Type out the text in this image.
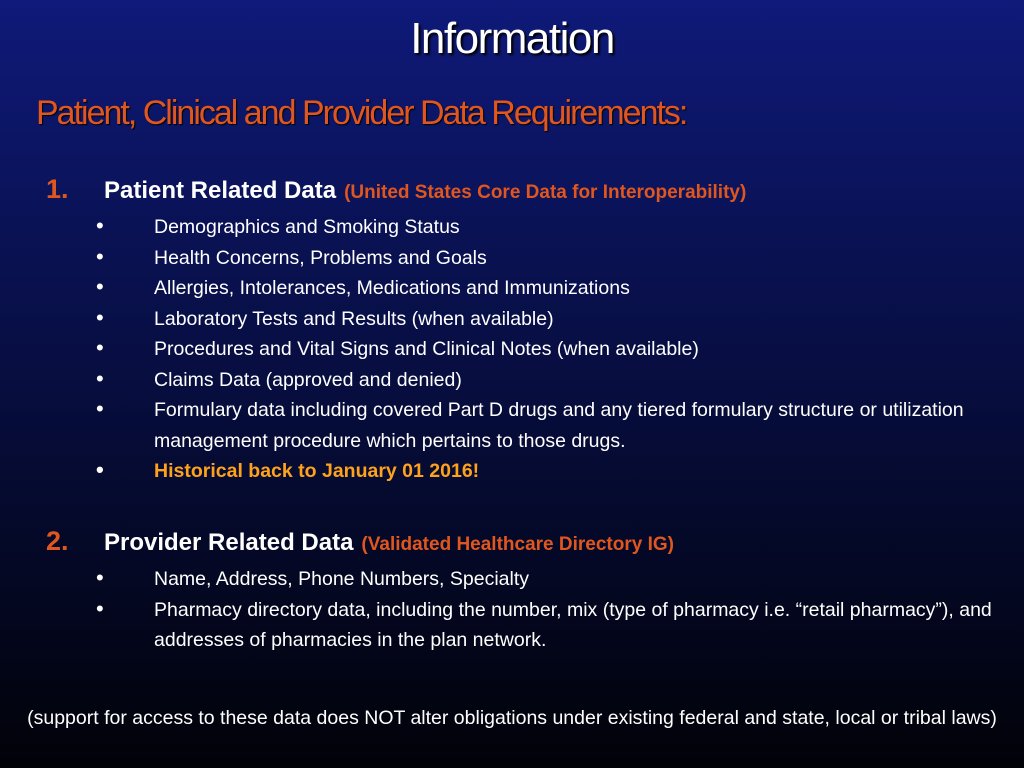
Information
Patient, Clinical and Provider Data Requirements:
1.	Patient Related Data (United States Core Data for Interoperability)
•	Demographics and Smoking Status
•	Health Concerns, Problems and Goals
•	Allergies, Intolerances, Medications and Immunizations
•	Laboratory Tests and Results (when available)
•	Procedures and Vital Signs and Clinical Notes (when available)
•	Claims Data (approved and denied)
•	Formulary data including covered Part D drugs and any tiered formulary structure or utilization management procedure which pertains to those drugs.
•	Historical back to January 01 2016!
2.	Provider Related Data (Validated Healthcare Directory IG)
•	Name, Address, Phone Numbers, Specialty
•	Pharmacy directory data, including the number, mix (type of pharmacy i.e. “retail pharmacy”), and addresses of pharmacies in the plan network.
(support for access to these data does NOT alter obligations under existing federal and state, local or tribal laws)
